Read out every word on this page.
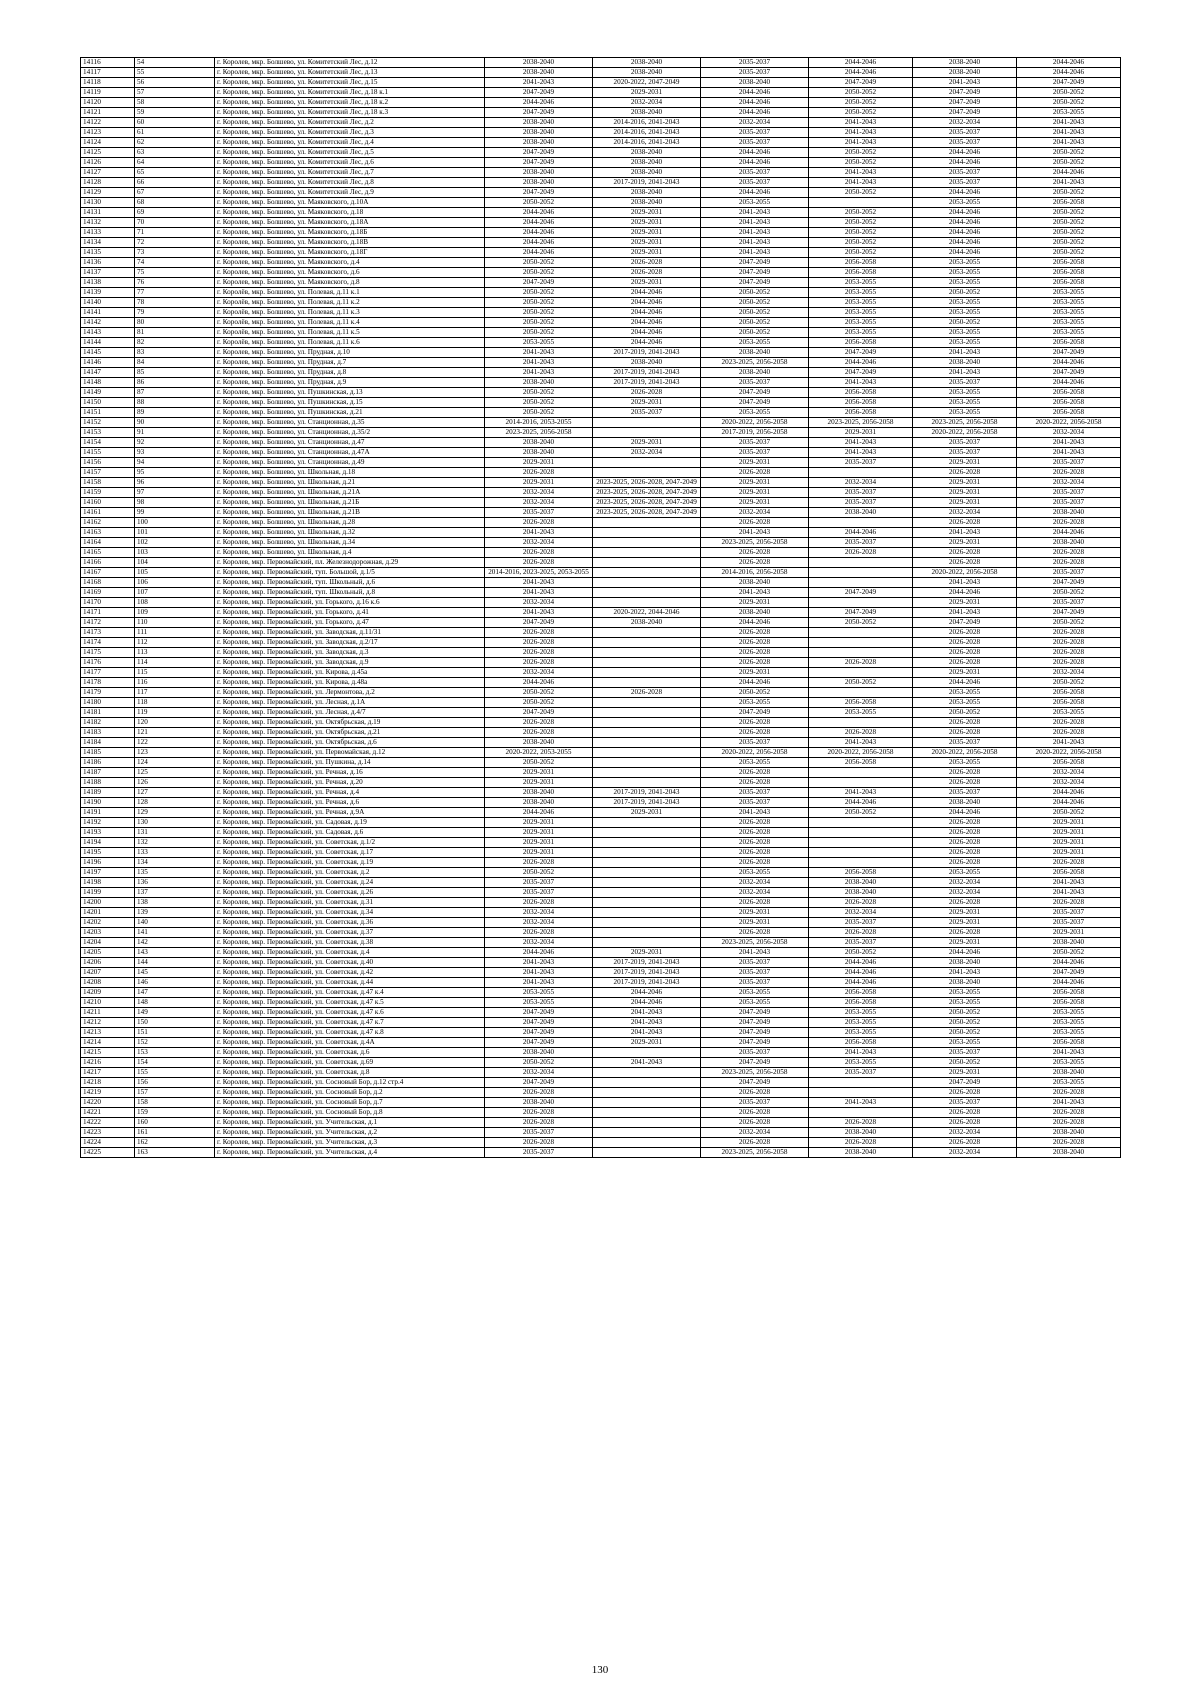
14116	54	г. Королев, мкр. Болшево, ул. Комитетский Лес, д.12	2038-2040	2038-2040	2035-2037	2044-2046	2038-2040	2044-2046
14117	55	г. Королев, мкр. Болшево, ул. Комитетский Лес, д.13	2038-2040	2038-2040	2035-2037	2044-2046	2038-2040	2044-2046
14118	56	г. Королев, мкр. Болшево, ул. Комитетский Лес, д.15	2041-2043	2020-2022, 2047-2049	2038-2040	2047-2049	2041-2043	2047-2049
14119	57	г. Королев, мкр. Болшево, ул. Комитетский Лес, д.18 к.1	2047-2049	2029-2031	2044-2046	2050-2052	2047-2049	2050-2052
14120	58	г. Королев, мкр. Болшево, ул. Комитетский Лес, д.18 к.2	2044-2046	2032-2034	2044-2046	2050-2052	2047-2049	2050-2052
14121	59	г. Королев, мкр. Болшево, ул. Комитетский Лес, д.18 к.3	2047-2049	2038-2040	2044-2046	2050-2052	2047-2049	2053-2055
14122	60	г. Королев, мкр. Болшево, ул. Комитетский Лес, д.2	2038-2040	2014-2016, 2041-2043	2032-2034	2041-2043	2032-2034	2041-2043
14123	61	г. Королев, мкр. Болшево, ул. Комитетский Лес, д.3	2038-2040	2014-2016, 2041-2043	2035-2037	2041-2043	2035-2037	2041-2043
14124	62	г. Королев, мкр. Болшево, ул. Комитетский Лес, д.4	2038-2040	2014-2016, 2041-2043	2035-2037	2041-2043	2035-2037	2041-2043
14125	63	г. Королев, мкр. Болшево, ул. Комитетский Лес, д.5	2047-2049	2038-2040	2044-2046	2050-2052	2044-2046	2050-2052
14126	64	г. Королев, мкр. Болшево, ул. Комитетский Лес, д.6	2047-2049	2038-2040	2044-2046	2050-2052	2044-2046	2050-2052
14127	65	г. Королев, мкр. Болшево, ул. Комитетский Лес, д.7	2038-2040	2038-2040	2035-2037	2041-2043	2035-2037	2044-2046
14128	66	г. Королев, мкр. Болшево, ул. Комитетский Лес, д.8	2038-2040	2017-2019, 2041-2043	2035-2037	2041-2043	2035-2037	2041-2043
14129	67	г. Королев, мкр. Болшево, ул. Комитетский Лес, д.9	2047-2049	2038-2040	2044-2046	2050-2052	2044-2046	2050-2052
14130	68	г. Королев, мкр. Болшево, ул. Маяковского, д.10А	2050-2052	2038-2040	2053-2055		2053-2055	2056-2058
14131	69	г. Королев, мкр. Болшево, ул. Маяковского, д.18	2044-2046	2029-2031	2041-2043	2050-2052	2044-2046	2050-2052
14132	70	г. Королев, мкр. Болшево, ул. Маяковского, д.18А	2044-2046	2029-2031	2041-2043	2050-2052	2044-2046	2050-2052
14133	71	г. Королев, мкр. Болшево, ул. Маяковского, д.18Б	2044-2046	2029-2031	2041-2043	2050-2052	2044-2046	2050-2052
14134	72	г. Королев, мкр. Болшево, ул. Маяковского, д.18В	2044-2046	2029-2031	2041-2043	2050-2052	2044-2046	2050-2052
14135	73	г. Королев, мкр. Болшево, ул. Маяковского, д.18Г	2044-2046	2029-2031	2041-2043	2050-2052	2044-2046	2050-2052
14136	74	г. Королев, мкр. Болшево, ул. Маяковского, д.4	2050-2052	2026-2028	2047-2049	2056-2058	2053-2055	2056-2058
14137	75	г. Королев, мкр. Болшево, ул. Маяковского, д.6	2050-2052	2026-2028	2047-2049	2056-2058	2053-2055	2056-2058
14138	76	г. Королев, мкр. Болшево, ул. Маяковского, д.8	2047-2049	2029-2031	2047-2049	2053-2055	2053-2055	2056-2058
14139	77	г. Королёв, мкр. Болшево, ул. Полевая, д.11 к.1	2050-2052	2044-2046	2050-2052	2053-2055	2050-2052	2053-2055
14140	78	г. Королёв, мкр. Болшево, ул. Полевая, д.11 к.2	2050-2052	2044-2046	2050-2052	2053-2055	2053-2055	2053-2055
14141	79	г. Королёв, мкр. Болшево, ул. Полевая, д.11 к.3	2050-2052	2044-2046	2050-2052	2053-2055	2053-2055	2053-2055
14142	80	г. Королёв, мкр. Болшево, ул. Полевая, д.11 к.4	2050-2052	2044-2046	2050-2052	2053-2055	2050-2052	2053-2055
14143	81	г. Королёв, мкр. Болшево, ул. Полевая, д.11 к.5	2050-2052	2044-2046	2050-2052	2053-2055	2053-2055	2053-2055
14144	82	г. Королёв, мкр. Болшево, ул. Полевая, д.11 к.6	2053-2055	2044-2046	2053-2055	2056-2058	2053-2055	2056-2058
14145	83	г. Королев, мкр. Болшево, ул. Прудная, д.10	2041-2043	2017-2019, 2041-2043	2038-2040	2047-2049	2041-2043	2047-2049
14146	84	г. Королев, мкр. Болшево, ул. Прудная, д.7	2041-2043	2038-2040	2023-2025, 2056-2058	2044-2046	2038-2040	2044-2046
14147	85	г. Королев, мкр. Болшево, ул. Прудная, д.8	2041-2043	2017-2019, 2041-2043	2038-2040	2047-2049	2041-2043	2047-2049
14148	86	г. Королев, мкр. Болшево, ул. Прудная, д.9	2038-2040	2017-2019, 2041-2043	2035-2037	2041-2043	2035-2037	2044-2046
14149	87	г. Королев, мкр. Болшево, ул. Пушкинская, д.13	2050-2052	2026-2028	2047-2049	2056-2058	2053-2055	2056-2058
14150	88	г. Королев, мкр. Болшево, ул. Пушкинская, д.15	2050-2052	2029-2031	2047-2049	2056-2058	2053-2055	2056-2058
14151	89	г. Королев, мкр. Болшево, ул. Пушкинская, д.21	2050-2052	2035-2037	2053-2055	2056-2058	2053-2055	2056-2058
14152	90	г. Королев, мкр. Болшево, ул. Станционная, д.35	2014-2016, 2053-2055		2020-2022, 2056-2058	2023-2025, 2056-2058	2023-2025, 2056-2058	2020-2022, 2056-2058
14153	91	г. Королев, мкр. Болшево, ул. Станционная, д.35/2	2023-2025, 2056-2058		2017-2019, 2056-2058	2029-2031	2020-2022, 2056-2058	2032-2034
14154	92	г. Королев, мкр. Болшево, ул. Станционная, д.47	2038-2040	2029-2031	2035-2037	2041-2043	2035-2037	2041-2043
14155	93	г. Королев, мкр. Болшево, ул. Станционная, д.47А	2038-2040	2032-2034	2035-2037	2041-2043	2035-2037	2041-2043
14156	94	г. Королев, мкр. Болшево, ул. Станционная, д.49	2029-2031		2029-2031	2035-2037	2029-2031	2035-2037
14157	95	г. Королев, мкр. Болшево, ул. Школьная, д.18	2026-2028		2026-2028		2026-2028	2026-2028
14158	96	г. Королев, мкр. Болшево, ул. Школьная, д.21	2029-2031	2023-2025, 2026-2028, 2047-2049	2029-2031	2032-2034	2029-2031	2032-2034
14159	97	г. Королев, мкр. Болшево, ул. Школьная, д.21А	2032-2034	2023-2025, 2026-2028, 2047-2049	2029-2031	2035-2037	2029-2031	2035-2037
14160	98	г. Королев, мкр. Болшево, ул. Школьная, д.21Б	2032-2034	2023-2025, 2026-2028, 2047-2049	2029-2031	2035-2037	2029-2031	2035-2037
14161	99	г. Королев, мкр. Болшево, ул. Школьная, д.21В	2035-2037	2023-2025, 2026-2028, 2047-2049	2032-2034	2038-2040	2032-2034	2038-2040
14162	100	г. Королев, мкр. Болшево, ул. Школьная, д.28	2026-2028		2026-2028		2026-2028	2026-2028
14163	101	г. Королев, мкр. Болшево, ул. Школьная, д.32	2041-2043		2041-2043	2044-2046	2041-2043	2044-2046
14164	102	г. Королев, мкр. Болшево, ул. Школьная, д.34	2032-2034		2023-2025, 2056-2058	2035-2037	2029-2031	2038-2040
14165	103	г. Королев, мкр. Болшево, ул. Школьная, д.4	2026-2028		2026-2028	2026-2028	2026-2028	2026-2028
14166	104	г. Королев, мкр. Первомайский, пл. Железнодорожная, д.29	2026-2028		2026-2028		2026-2028	2026-2028
14167	105	г. Королев, мкр. Первомайский, туп. Большой, д.1/5	2014-2016, 2023-2025, 2053-2055		2014-2016, 2056-2058		2020-2022, 2056-2058	2035-2037
14168	106	г. Королев, мкр. Первомайский, туп. Школьный, д.6	2041-2043		2038-2040		2041-2043	2047-2049
14169	107	г. Королев, мкр. Первомайский, туп. Школьный, д.8	2041-2043		2041-2043	2047-2049	2044-2046	2050-2052
14170	108	г. Королев, мкр. Первомайский, ул. Горького, д.16 к.6	2032-2034		2029-2031		2029-2031	2035-2037
14171	109	г. Королев, мкр. Первомайский, ул. Горького, д.41	2041-2043	2020-2022, 2044-2046	2038-2040	2047-2049	2041-2043	2047-2049
14172	110	г. Королев, мкр. Первомайский, ул. Горького, д.47	2047-2049	2038-2040	2044-2046	2050-2052	2047-2049	2050-2052
14173	111	г. Королев, мкр. Первомайский, ул. Заводская, д.11/31	2026-2028		2026-2028		2026-2028	2026-2028
14174	112	г. Королев, мкр. Первомайский, ул. Заводская, д.2/17	2026-2028		2026-2028		2026-2028	2026-2028
14175	113	г. Королев, мкр. Первомайский, ул. Заводская, д.3	2026-2028		2026-2028		2026-2028	2026-2028
14176	114	г. Королев, мкр. Первомайский, ул. Заводская, д.9	2026-2028		2026-2028	2026-2028	2026-2028	2026-2028
14177	115	г. Королев, мкр. Первомайский, ул. Кирова, д.45а	2032-2034		2029-2031		2029-2031	2032-2034
14178	116	г. Королев, мкр. Первомайский, ул. Кирова, д.48а	2044-2046		2044-2046	2050-2052	2044-2046	2050-2052
14179	117	г. Королев, мкр. Первомайский, ул. Лермонтова, д.2	2050-2052	2026-2028	2050-2052		2053-2055	2056-2058
14180	118	г. Королев, мкр. Первомайский, ул. Лесная, д.1А	2050-2052		2053-2055	2056-2058	2053-2055	2056-2058
14181	119	г. Королев, мкр. Первомайский, ул. Лесная, д.4/7	2047-2049		2047-2049	2053-2055	2050-2052	2053-2055
14182	120	г. Королев, мкр. Первомайский, ул. Октябрьская, д.19	2026-2028		2026-2028		2026-2028	2026-2028
14183	121	г. Королев, мкр. Первомайский, ул. Октябрьская, д.21	2026-2028		2026-2028	2026-2028	2026-2028	2026-2028
14184	122	г. Королев, мкр. Первомайский, ул. Октябрьская, д.6	2038-2040		2035-2037	2041-2043	2035-2037	2041-2043
14185	123	г. Королев, мкр. Первомайский, ул. Первомайская, д.12	2020-2022, 2053-2055		2020-2022, 2056-2058	2020-2022, 2056-2058	2020-2022, 2056-2058	2020-2022, 2056-2058
14186	124	г. Королев, мкр. Первомайский, ул. Пушкина, д.14	2050-2052		2053-2055	2056-2058	2053-2055	2056-2058
14187	125	г. Королев, мкр. Первомайский, ул. Речная, д.16	2029-2031		2026-2028		2026-2028	2032-2034
14188	126	г. Королев, мкр. Первомайский, ул. Речная, д.20	2029-2031		2026-2028		2026-2028	2032-2034
14189	127	г. Королев, мкр. Первомайский, ул. Речная, д.4	2038-2040	2017-2019, 2041-2043	2035-2037	2041-2043	2035-2037	2044-2046
14190	128	г. Королев, мкр. Первомайский, ул. Речная, д.6	2038-2040	2017-2019, 2041-2043	2035-2037	2044-2046	2038-2040	2044-2046
14191	129	г. Королев, мкр. Первомайский, ул. Речная, д.9А	2044-2046	2029-2031	2041-2043	2050-2052	2044-2046	2050-2052
14192	130	г. Королев, мкр. Первомайский, ул. Садовая, д.19	2029-2031		2026-2028		2026-2028	2029-2031
14193	131	г. Королев, мкр. Первомайский, ул. Садовая, д.6	2029-2031		2026-2028		2026-2028	2029-2031
14194	132	г. Королев, мкр. Первомайский, ул. Советская, д.1/2	2029-2031		2026-2028		2026-2028	2029-2031
14195	133	г. Королев, мкр. Первомайский, ул. Советская, д.17	2029-2031		2026-2028		2026-2028	2029-2031
14196	134	г. Королев, мкр. Первомайский, ул. Советская, д.19	2026-2028		2026-2028		2026-2028	2026-2028
14197	135	г. Королев, мкр. Первомайский, ул. Советская, д.2	2050-2052		2053-2055	2056-2058	2053-2055	2056-2058
14198	136	г. Королев, мкр. Первомайский, ул. Советская, д.24	2035-2037		2032-2034	2038-2040	2032-2034	2041-2043
14199	137	г. Королев, мкр. Первомайский, ул. Советская, д.26	2035-2037		2032-2034	2038-2040	2032-2034	2041-2043
14200	138	г. Королев, мкр. Первомайский, ул. Советская, д.31	2026-2028		2026-2028	2026-2028	2026-2028	2026-2028
14201	139	г. Королев, мкр. Первомайский, ул. Советская, д.34	2032-2034		2029-2031	2032-2034	2029-2031	2035-2037
14202	140	г. Королев, мкр. Первомайский, ул. Советская, д.36	2032-2034		2029-2031	2035-2037	2029-2031	2035-2037
14203	141	г. Королев, мкр. Первомайский, ул. Советская, д.37	2026-2028		2026-2028	2026-2028	2026-2028	2029-2031
14204	142	г. Королев, мкр. Первомайский, ул. Советская, д.38	2032-2034		2023-2025, 2056-2058	2035-2037	2029-2031	2038-2040
14205	143	г. Королев, мкр. Первомайский, ул. Советская, д.4	2044-2046	2029-2031	2041-2043	2050-2052	2044-2046	2050-2052
14206	144	г. Королев, мкр. Первомайский, ул. Советская, д.40	2041-2043	2017-2019, 2041-2043	2035-2037	2044-2046	2038-2040	2044-2046
14207	145	г. Королев, мкр. Первомайский, ул. Советская, д.42	2041-2043	2017-2019, 2041-2043	2035-2037	2044-2046	2041-2043	2047-2049
14208	146	г. Королев, мкр. Первомайский, ул. Советская, д.44	2041-2043	2017-2019, 2041-2043	2035-2037	2044-2046	2038-2040	2044-2046
14209	147	г. Королев, мкр. Первомайский, ул. Советская, д.47 к.4	2053-2055	2044-2046	2053-2055	2056-2058	2053-2055	2056-2058
14210	148	г. Королев, мкр. Первомайский, ул. Советская, д.47 к.5	2053-2055	2044-2046	2053-2055	2056-2058	2053-2055	2056-2058
14211	149	г. Королев, мкр. Первомайский, ул. Советская, д.47 к.6	2047-2049	2041-2043	2047-2049	2053-2055	2050-2052	2053-2055
14212	150	г. Королев, мкр. Первомайский, ул. Советская, д.47 к.7	2047-2049	2041-2043	2047-2049	2053-2055	2050-2052	2053-2055
14213	151	г. Королев, мкр. Первомайский, ул. Советская, д.47 к.8	2047-2049	2041-2043	2047-2049	2053-2055	2050-2052	2053-2055
14214	152	г. Королев, мкр. Первомайский, ул. Советская, д.4А	2047-2049	2029-2031	2047-2049	2056-2058	2053-2055	2056-2058
14215	153	г. Королев, мкр. Первомайский, ул. Советская, д.6	2038-2040		2035-2037	2041-2043	2035-2037	2041-2043
14216	154	г. Королев, мкр. Первомайский, ул. Советская, д.69	2050-2052	2041-2043	2047-2049	2053-2055	2050-2052	2053-2055
14217	155	г. Королев, мкр. Первомайский, ул. Советская, д.8	2032-2034		2023-2025, 2056-2058	2035-2037	2029-2031	2038-2040
14218	156	г. Королев, мкр. Первомайский, ул. Сосновый Бор, д.12 стр.4	2047-2049		2047-2049		2047-2049	2053-2055
14219	157	г. Королев, мкр. Первомайский, ул. Сосновый Бор, д.2	2026-2028		2026-2028		2026-2028	2026-2028
14220	158	г. Королев, мкр. Первомайский, ул. Сосновый Бор, д.7	2038-2040		2035-2037	2041-2043	2035-2037	2041-2043
14221	159	г. Королев, мкр. Первомайский, ул. Сосновый Бор, д.8	2026-2028		2026-2028		2026-2028	2026-2028
14222	160	г. Королев, мкр. Первомайский, ул. Учительская, д.1	2026-2028		2026-2028	2026-2028	2026-2028	2026-2028
14223	161	г. Королев, мкр. Первомайский, ул. Учительская, д.2	2035-2037		2032-2034	2038-2040	2032-2034	2038-2040
14224	162	г. Королев, мкр. Первомайский, ул. Учительская, д.3	2026-2028		2026-2028	2026-2028	2026-2028	2026-2028
14225	163	г. Королев, мкр. Первомайский, ул. Учительская, д.4	2035-2037		2023-2025, 2056-2058	2038-2040	2032-2034	2038-2040
130
